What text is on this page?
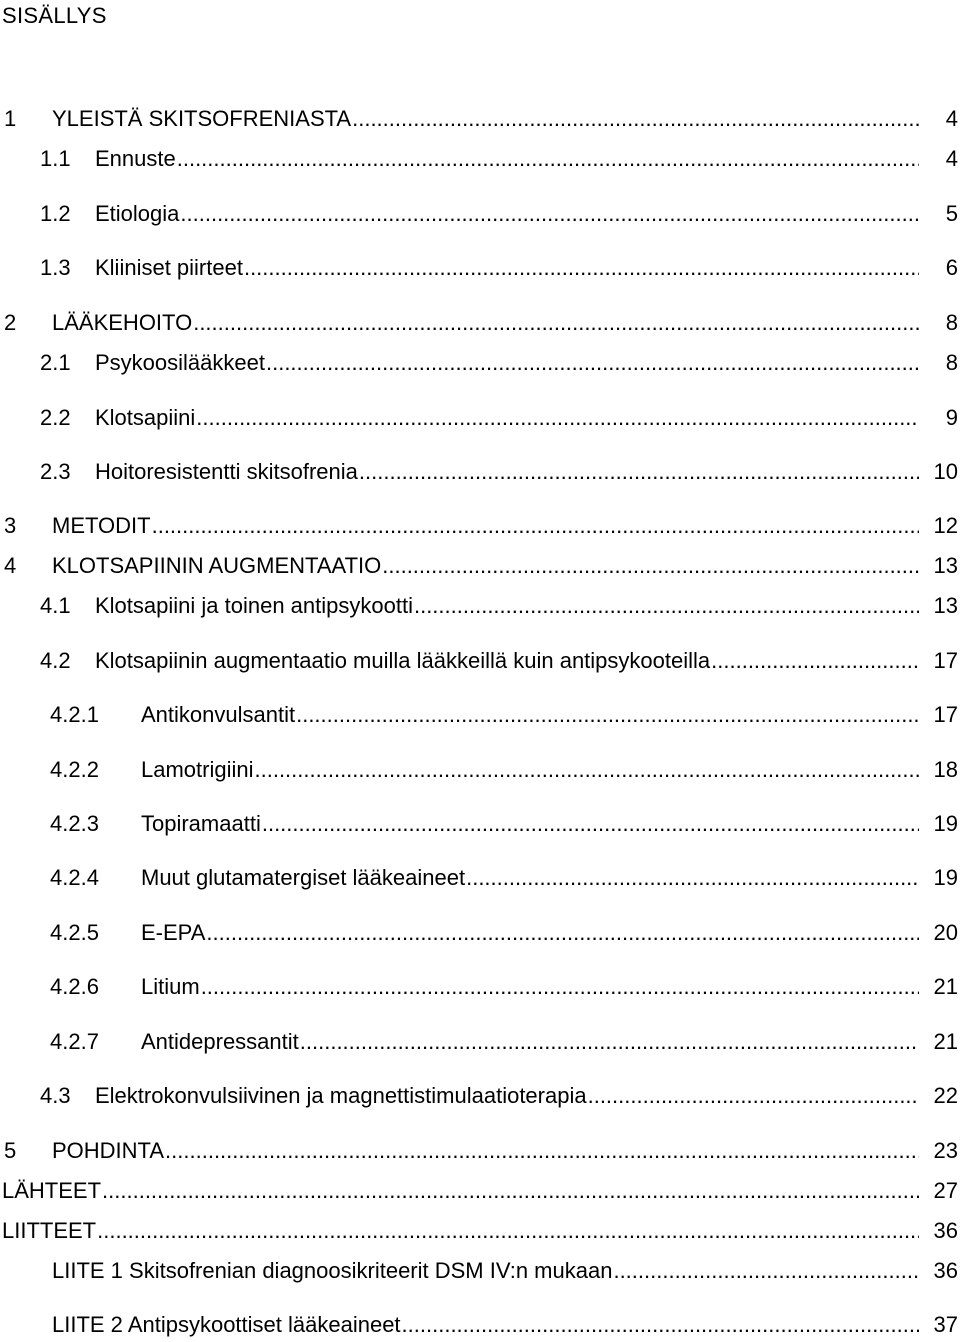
SISÄLLYS
1 YLEISTÄ SKITSOFRENIASTA .....	4
1.1 Ennuste .....	4
1.2 Etiologia .....	5
1.3 Kliiniset piirteet .....	6
2 LÄÄKEHOITO .....	8
2.1 Psykoosilääkkeet .....	8
2.2 Klotsapiini .....	9
2.3 Hoitoresistentti skitsofrenia .....	10
3 METODIT .....	12
4 KLOTSAPIININ AUGMENTAATIO .....	13
4.1 Klotsapiini ja toinen antipsykootti .....	13
4.2 Klotsapiinin augmentaatio muilla lääkkeillä kuin antipsykooteilla .....	17
4.2.1 Antikonvulsantit .....	17
4.2.2 Lamotrigiini .....	18
4.2.3 Topiramaatti .....	19
4.2.4 Muut glutamatergiset lääkeaineet .....	19
4.2.5 E-EPA .....	20
4.2.6 Litium .....	21
4.2.7 Antidepressantit .....	21
4.3 Elektrokonvulsiivinen ja magnettistimulaatioterapia .....	22
5 POHDINTA .....	23
LÄHTEET .....	27
LIITTEET .....	36
LIITE 1 Skitsofrenian diagnoosikriteerit DSM IV:n mukaan .....	36
LIITE 2 Antipsykoottiset lääkeaineet .....	37
